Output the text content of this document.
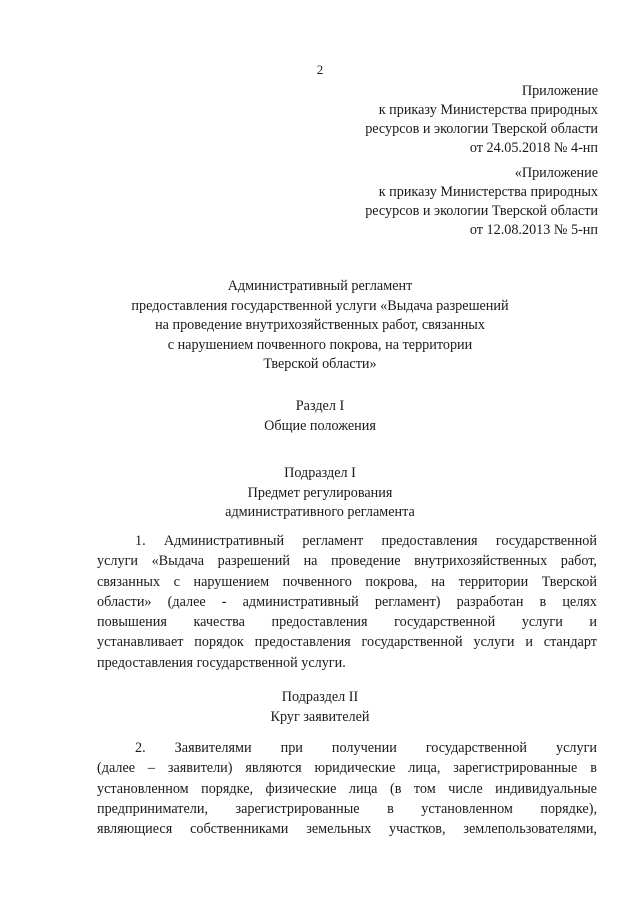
2
Приложение
к приказу Министерства природных
ресурсов и экологии Тверской области
от 24.05.2018 № 4-нп
«Приложение
к приказу Министерства природных
ресурсов и экологии Тверской области
от 12.08.2013 № 5-нп
Административный регламент
предоставления государственной услуги «Выдача разрешений
на проведение внутрихозяйственных работ, связанных
с нарушением почвенного покрова, на территории
Тверской области»
Раздел I
Общие положения
Подраздел I
Предмет регулирования
административного регламента
1. Административный регламент предоставления государственной
услуги «Выдача разрешений на проведение внутрихозяйственных работ,
связанных с нарушением почвенного покрова, на территории Тверской
области» (далее - административный регламент) разработан в целях
повышения качества предоставления государственной услуги и
устанавливает порядок предоставления государственной услуги и стандарт
предоставления государственной услуги.
Подраздел II
Круг заявителей
2. Заявителями при получении государственной услуги
(далее – заявители) являются юридические лица, зарегистрированные в
установленном порядке, физические лица (в том числе индивидуальные
предприниматели, зарегистрированные в установленном порядке),
являющиеся собственниками земельных участков, землепользователями,
